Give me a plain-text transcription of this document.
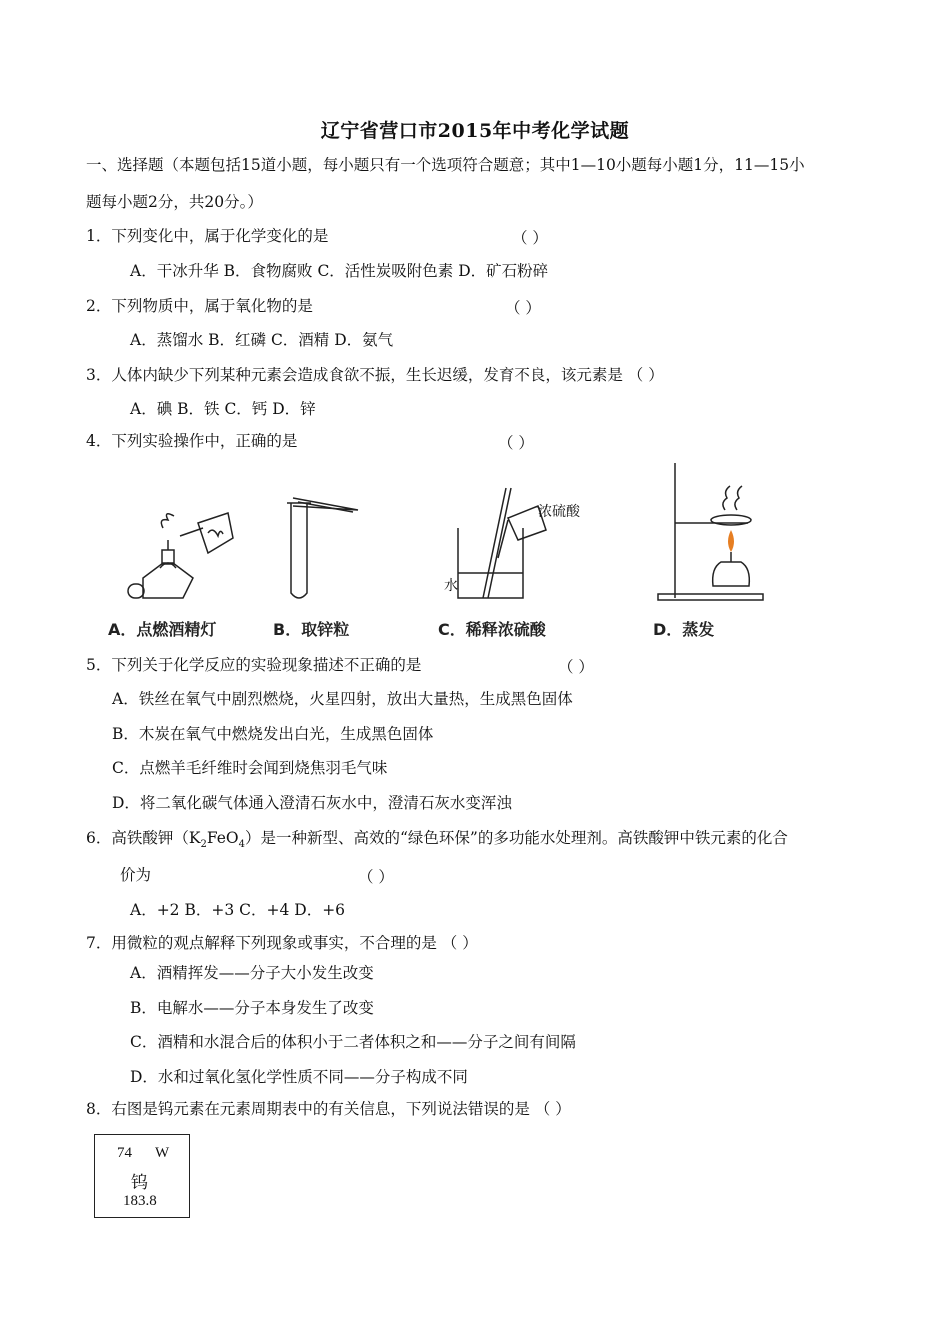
辽宁省营口市2015年中考化学试题
一、选择题（本题包括15道小题，每小题只有一个选项符合题意；其中1—10小题每小题1分，11—15小
题每小题2分，共20分。）
1．下列变化中，属于化学变化的是	（ ）
A．干冰升华 B．食物腐败 C．活性炭吸附色素 D．矿石粉碎
2．下列物质中，属于氧化物的是	（ ）
A．蒸馏水 B．红磷 C．酒精 D．氨气
3．人体内缺少下列某种元素会造成食欲不振，生长迟缓，发育不良，该元素是 （ ）
A．碘 B．铁 C．钙 D．锌
4．下列实验操作中，正确的是	（ ）
A．点燃酒精灯	B．取锌粒
浓硫酸
水
C．稀释浓硫酸	D．蒸发
5．下列关于化学反应的实验现象描述不正确的是	（ ）
A．铁丝在氧气中剧烈燃烧，火星四射，放出大量热，生成黑色固体
B．木炭在氧气中燃烧发出白光，生成黑色固体
C．点燃羊毛纤维时会闻到烧焦羽毛气味
D．将二氧化碳气体通入澄清石灰水中，澄清石灰水变浑浊
6．高铁酸钾$(K_2FeO_4)$是一种新型、高效的“绿色环保”的多功能水处理剂。高铁酸钾中铁元素的化合
价为	（ ）
A．+2 B．+3 C．+4 D．+6
7．用微粒的观点解释下列现象或事实，不合理的是 （ ）
A．酒精挥发——分子大小发生改变
B．电解水——分子本身发生了改变
C．酒精和水混合后的体积小于二者体积之和——分子之间有间隔
D．水和过氧化氢化学性质不同——分子构成不同
8．右图是钨元素在元素周期表中的有关信息，下列说法错误的是 （ ）
74 W
钨
183.8
